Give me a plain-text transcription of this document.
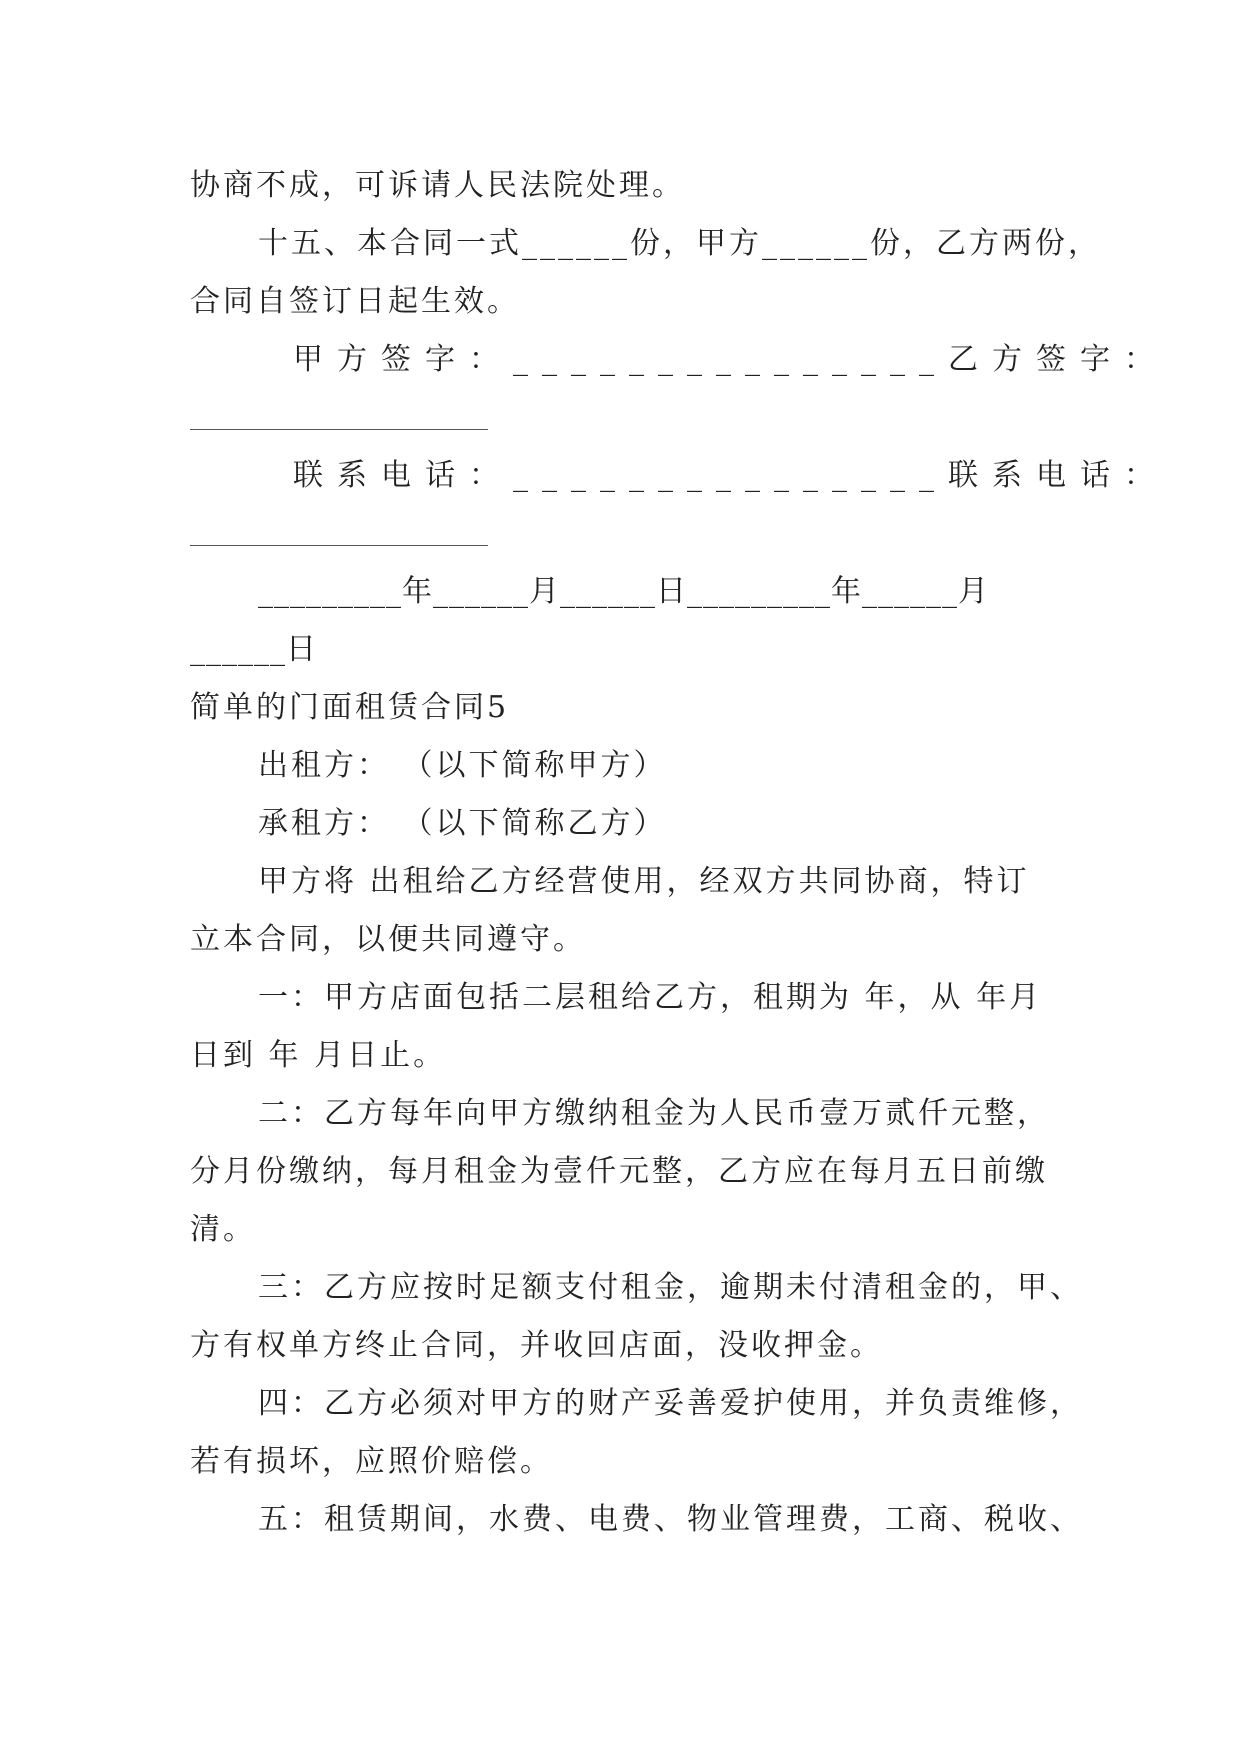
协商不成，可诉请人民法院处理。
十五、本合同一式______份，甲方______份，乙方两份，
合同自签订日起生效。
甲方签字：_______________乙方签字：
联系电话：_______________联系电话：
_________年______月______日_________年______月
______日
简单的门面租赁合同5
出租方： （以下简称甲方）
承租方： （以下简称乙方）
甲方将 出租给乙方经营使用，经双方共同协商，特订
立本合同，以便共同遵守。
一：甲方店面包括二层租给乙方，租期为 年，从 年月
日到 年 月日止。
二：乙方每年向甲方缴纳租金为人民币壹万贰仟元整，
分月份缴纳，每月租金为壹仟元整，乙方应在每月五日前缴
清。
三：乙方应按时足额支付租金，逾期未付清租金的，甲、
方有权单方终止合同，并收回店面，没收押金。
四：乙方必须对甲方的财产妥善爱护使用，并负责维修，
若有损坏，应照价赔偿。
五：租赁期间，水费、电费、物业管理费，工商、税收、
